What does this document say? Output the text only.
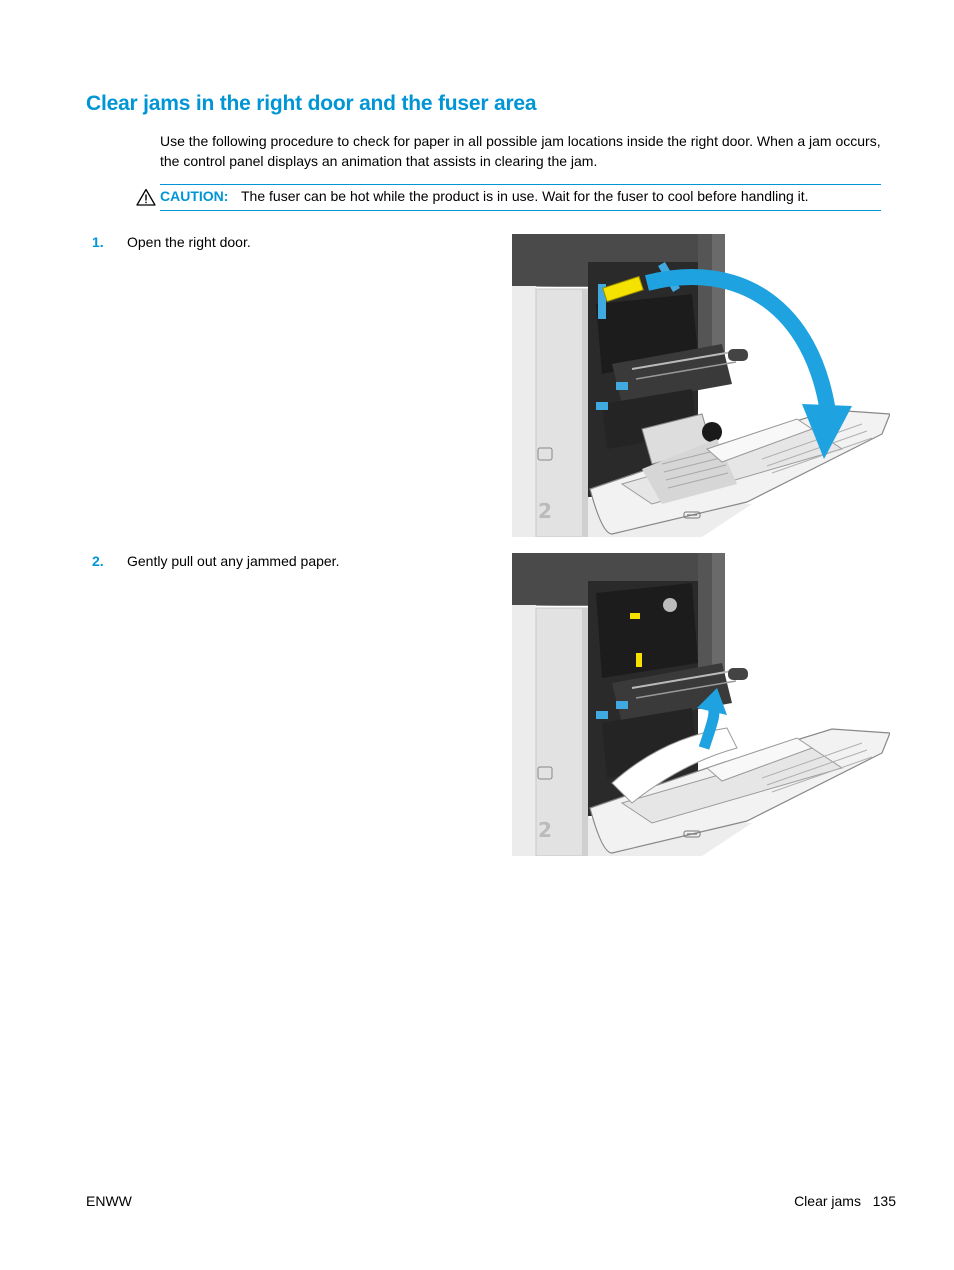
Clear jams in the right door and the fuser area

Use the following procedure to check for paper in all possible jam locations inside the right door. When a jam occurs, the control panel displays an animation that assists in clearing the jam.

CAUTION: The fuser can be hot while the product is in use. Wait for the fuser to cool before handling it.
1. Open the right door.
2. Gently pull out any jammed paper.
2
2
ENWW	Clear jams 135
